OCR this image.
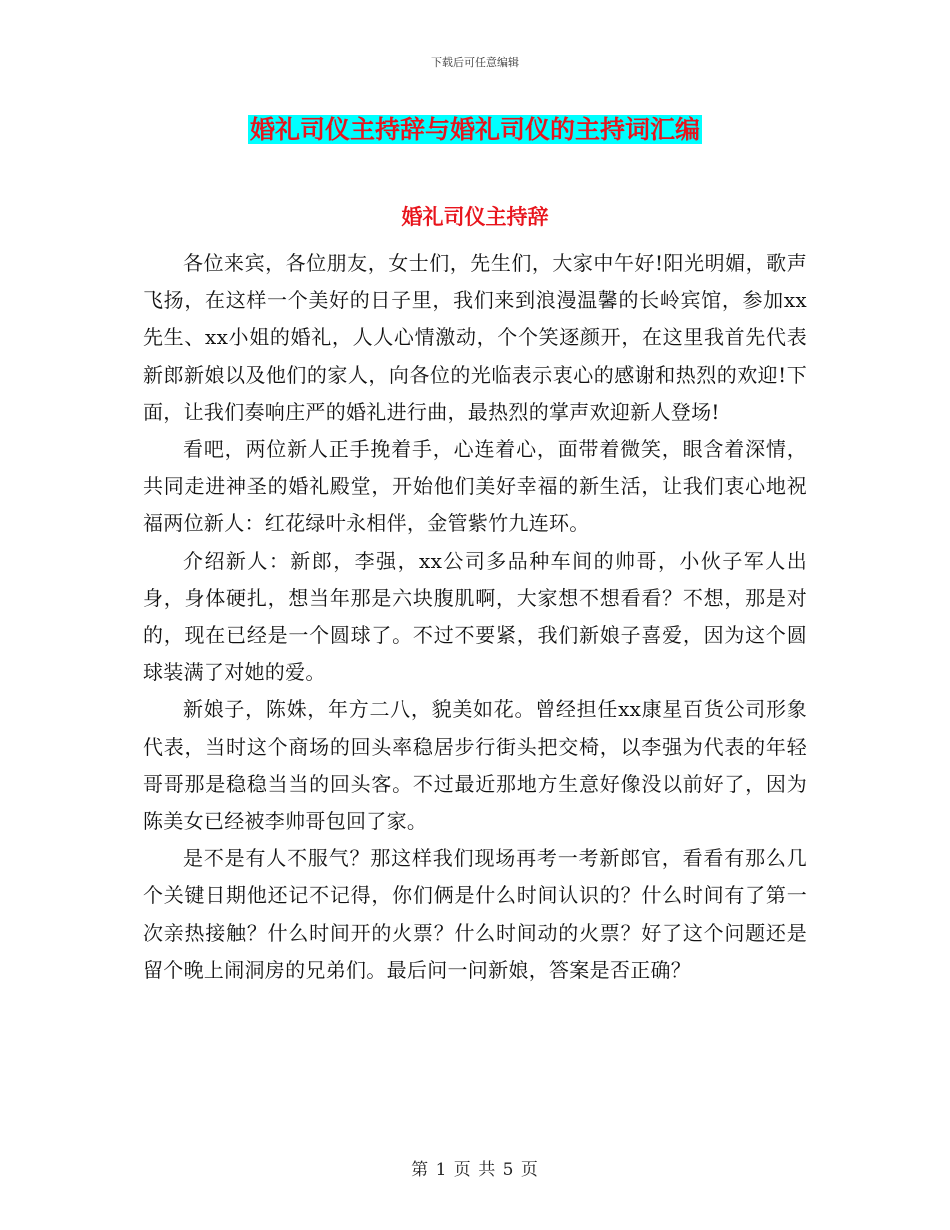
下载后可任意编辑
婚礼司仪主持辞与婚礼司仪的主持词汇编
婚礼司仪主持辞

各位来宾，各位朋友，女士们，先生们，大家中午好!阳光明媚，歌声飞扬，在这样一个美好的日子里，我们来到浪漫温馨的长岭宾馆，参加xx先生、xx小姐的婚礼，人人心情激动，个个笑逐颜开，在这里我首先代表新郎新娘以及他们的家人，向各位的光临表示衷心的感谢和热烈的欢迎!下面，让我们奏响庄严的婚礼进行曲，最热烈的掌声欢迎新人登场!

看吧，两位新人正手挽着手，心连着心，面带着微笑，眼含着深情，共同走进神圣的婚礼殿堂，开始他们美好幸福的新生活，让我们衷心地祝福两位新人：红花绿叶永相伴，金管紫竹九连环。

介绍新人：新郎，李强，xx公司多品种车间的帅哥，小伙子军人出身，身体硬扎，想当年那是六块腹肌啊，大家想不想看看？不想，那是对的，现在已经是一个圆球了。不过不要紧，我们新娘子喜爱，因为这个圆球装满了对她的爱。

新娘子，陈姝，年方二八，貌美如花。曾经担任xx康星百货公司形象代表，当时这个商场的回头率稳居步行街头把交椅，以李强为代表的年轻哥哥那是稳稳当当的回头客。不过最近那地方生意好像没以前好了，因为陈美女已经被李帅哥包回了家。

是不是有人不服气？那这样我们现场再考一考新郎官，看看有那么几个关键日期他还记不记得，你们俩是什么时间认识的？什么时间有了第一次亲热接触？什么时间开的火票？什么时间动的火票？好了这个问题还是留个晚上闹洞房的兄弟们。最后问一问新娘，答案是否正确？

第 1 页 共 5 页
